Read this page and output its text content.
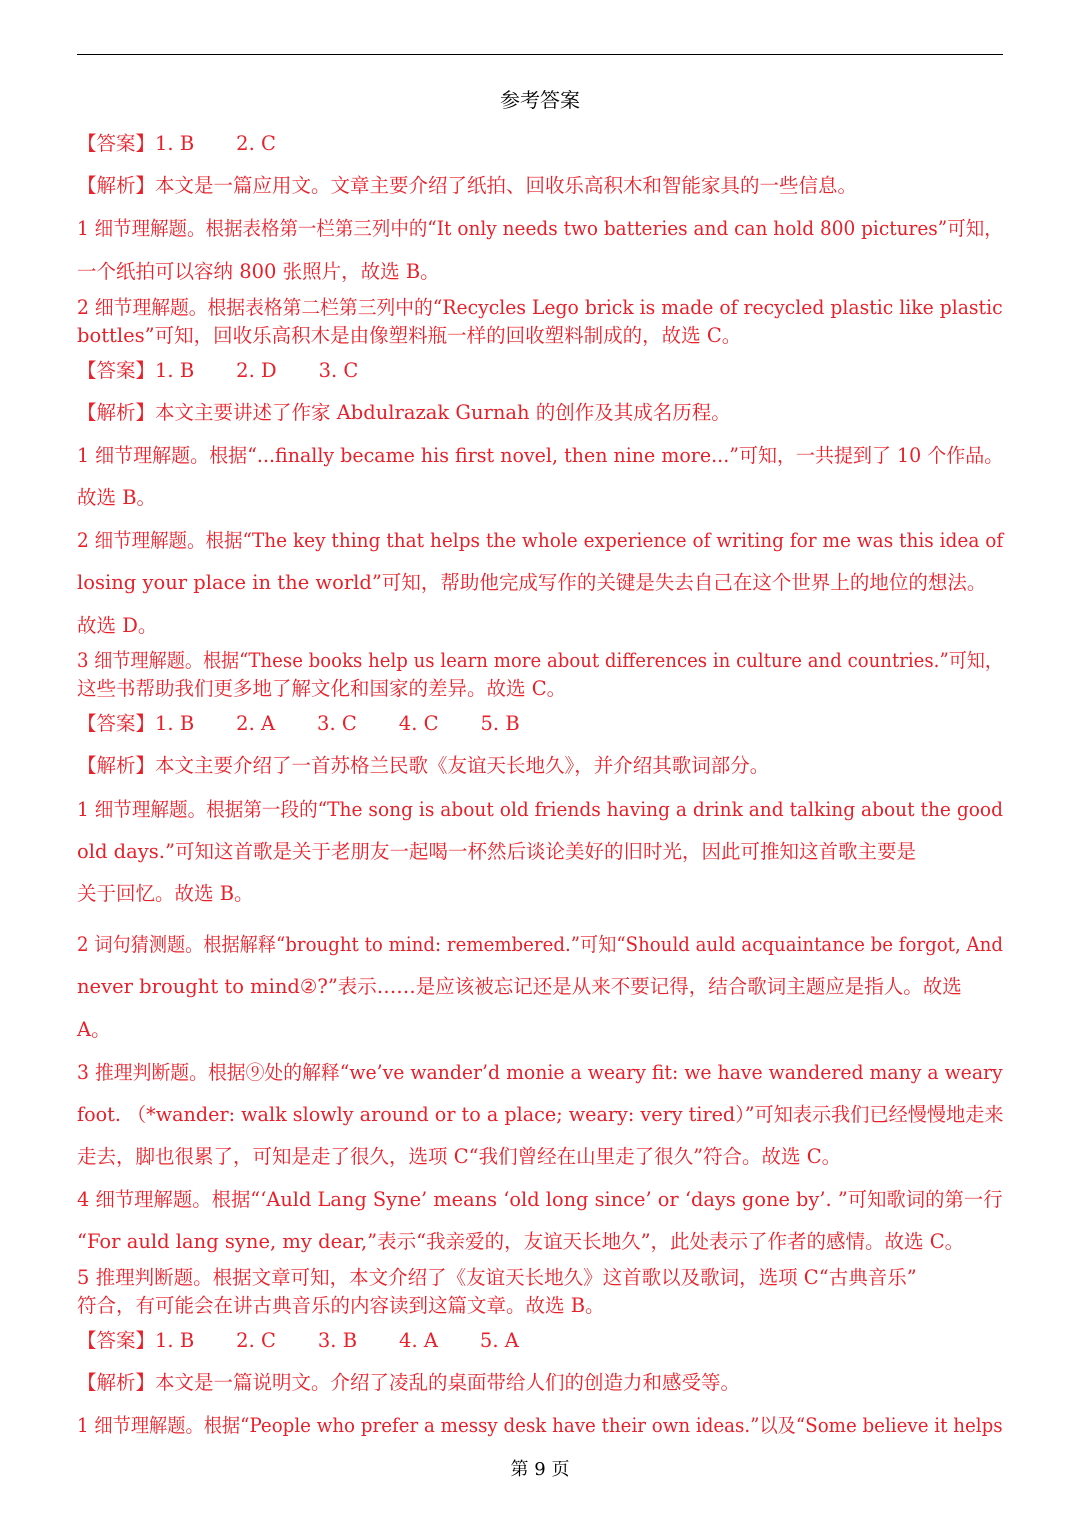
参考答案
【答案】1. B 2. C
【解析】本文是一篇应用文。文章主要介绍了纸拍、回收乐高积木和智能家具的一些信息。
1 细节理解题。根据表格第一栏第三列中的“It only needs two batteries and can hold 800 pictures”可知，
一个纸拍可以容纳 800 张照片，故选 B。
2 细节理解题。根据表格第二栏第三列中的“Recycles Lego brick is made of recycled plastic like plastic
bottles”可知，回收乐高积木是由像塑料瓶一样的回收塑料制成的，故选 C。
【答案】1. B 2. D 3. C
【解析】本文主要讲述了作家 Abdulrazak Gurnah 的创作及其成名历程。
1 细节理解题。根据“...finally became his first novel, then nine more...”可知，一共提到了 10 个作品。
故选 B。
2 细节理解题。根据“The key thing that helps the whole experience of writing for me was this idea of
losing your place in the world”可知，帮助他完成写作的关键是失去自己在这个世界上的地位的想法。
故选 D。
3 细节理解题。根据“These books help us learn more about differences in culture and countries.”可知，
这些书帮助我们更多地了解文化和国家的差异。故选 C。
【答案】1. B 2. A 3. C 4. C 5. B
【解析】本文主要介绍了一首苏格兰民歌《友谊天长地久》，并介绍其歌词部分。
1 细节理解题。根据第一段的“The song is about old friends having a drink and talking about the good
old days.”可知这首歌是关于老朋友一起喝一杯然后谈论美好的旧时光，因此可推知这首歌主要是
关于回忆。故选 B。
2 词句猜测题。根据解释“brought to mind: remembered.”可知“Should auld acquaintance be forgot, And
never brought to mind②?”表示……是应该被忘记还是从来不要记得，结合歌词主题应是指人。故选
A。
3 推理判断题。根据⑨处的解释“we’ve wander’d monie a weary fit: we have wandered many a weary
foot. （*wander: walk slowly around or to a place; weary: very tired）”可知表示我们已经慢慢地走来
走去，脚也很累了，可知是走了很久，选项 C“我们曾经在山里走了很久”符合。故选 C。
4 细节理解题。根据“‘Auld Lang Syne’ means ‘old long since’ or ‘days gone by’. ”可知歌词的第一行
“For auld lang syne, my dear,”表示“我亲爱的，友谊天长地久”，此处表示了作者的感情。故选 C。
5 推理判断题。根据文章可知，本文介绍了《友谊天长地久》这首歌以及歌词，选项 C“古典音乐”
符合，有可能会在讲古典音乐的内容读到这篇文章。故选 B。
【答案】1. B 2. C 3. B 4. A 5. A
【解析】本文是一篇说明文。介绍了凌乱的桌面带给人们的创造力和感受等。
1 细节理解题。根据“People who prefer a messy desk have their own ideas.”以及“Some believe it helps
第 9 页
